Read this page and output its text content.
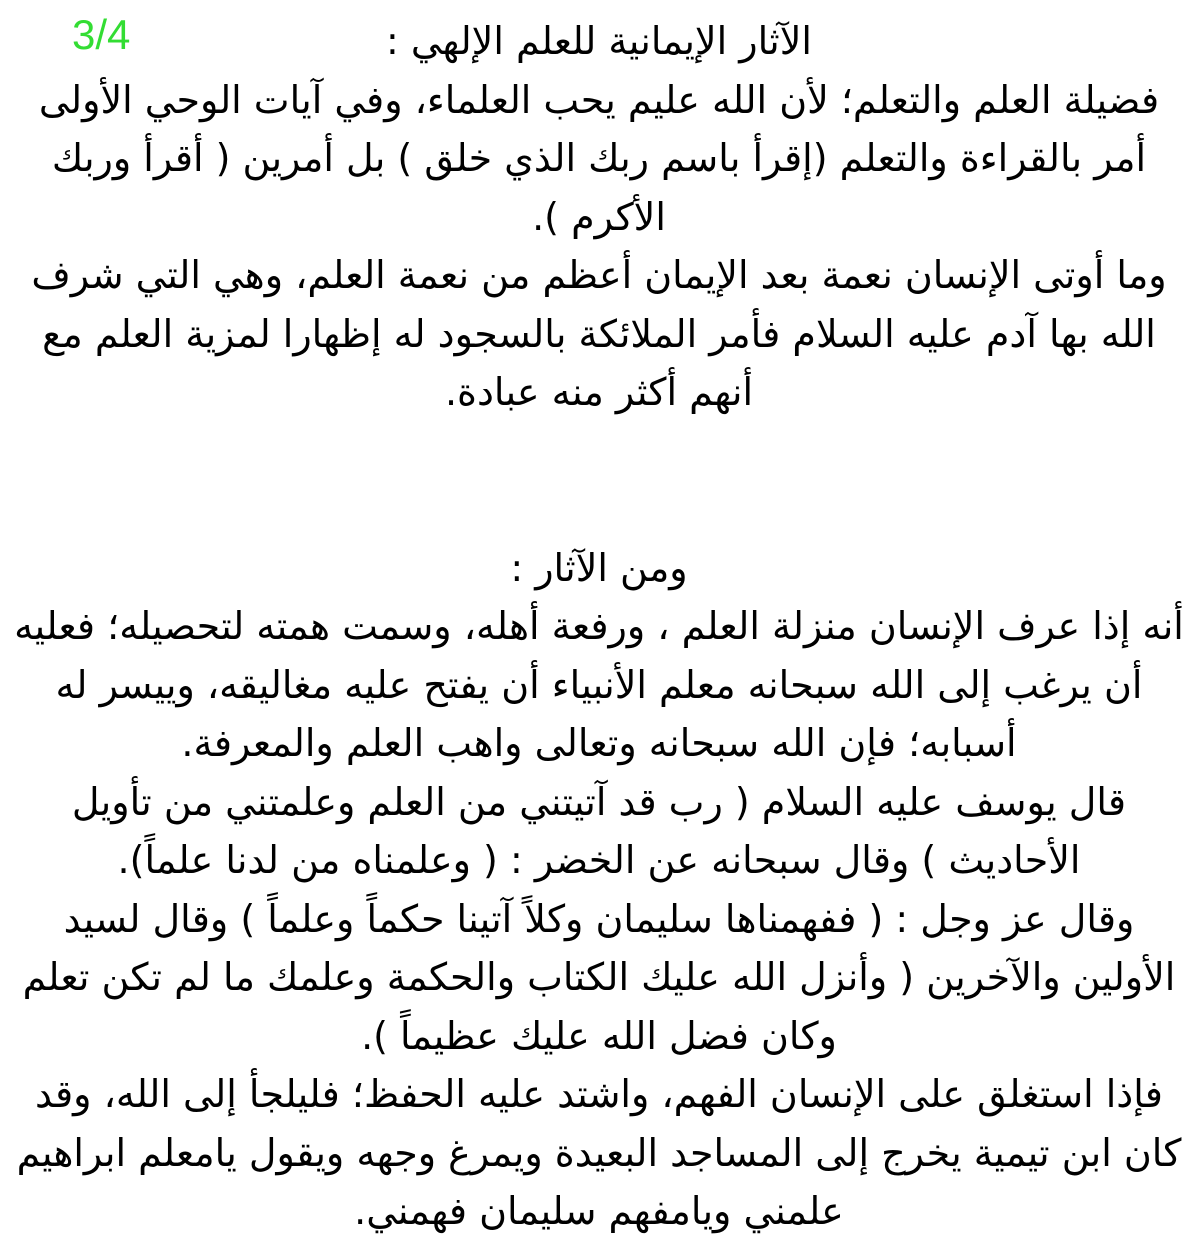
3/4	الآثار الإيمانية للعلم الإلهي :

فضيلة العلم والتعلم؛ لأن الله عليم يحب العلماء، وفي آيات الوحي الأولى أمر بالقراءة والتعلم (إقرأ باسم ربك الذي خلق ) بل أمرين ( أقرأ وربك الأكرم ).

وما أوتى الإنسان نعمة بعد الإيمان أعظم من نعمة العلم، وهي التي شرف الله بها آدم عليه السلام فأمر الملائكة بالسجود له إظهارا لمزية العلم مع أنهم أكثر منه عبادة.

ومن الآثار :

أنه إذا عرف الإنسان منزلة العلم ، ورفعة أهله، وسمت همته لتحصيله؛ فعليه أن يرغب إلى الله سبحانه معلم الأنبياء أن يفتح عليه مغاليقه، وييسر له أسبابه؛ فإن الله سبحانه وتعالى واهب العلم والمعرفة.

قال يوسف عليه السلام ( رب قد آتيتني من العلم وعلمتني من تأويل الأحاديث ) وقال سبحانه عن الخضر : ( وعلمناه من لدنا علماً).

وقال عز وجل : ( ففهمناها سليمان وكلاً آتينا حكماً وعلماً ) وقال لسيد الأولين والآخرين ( وأنزل الله عليك الكتاب والحكمة وعلمك ما لم تكن تعلم وكان فضل الله عليك عظيماً ).

فإذا استغلق على الإنسان الفهم، واشتد عليه الحفظ؛ فليلجأ إلى الله، وقد كان ابن تيمية يخرج إلى المساجد البعيدة ويمرغ وجهه ويقول يامعلم ابراهيم علمني ويامفهم سليمان فهمني.
